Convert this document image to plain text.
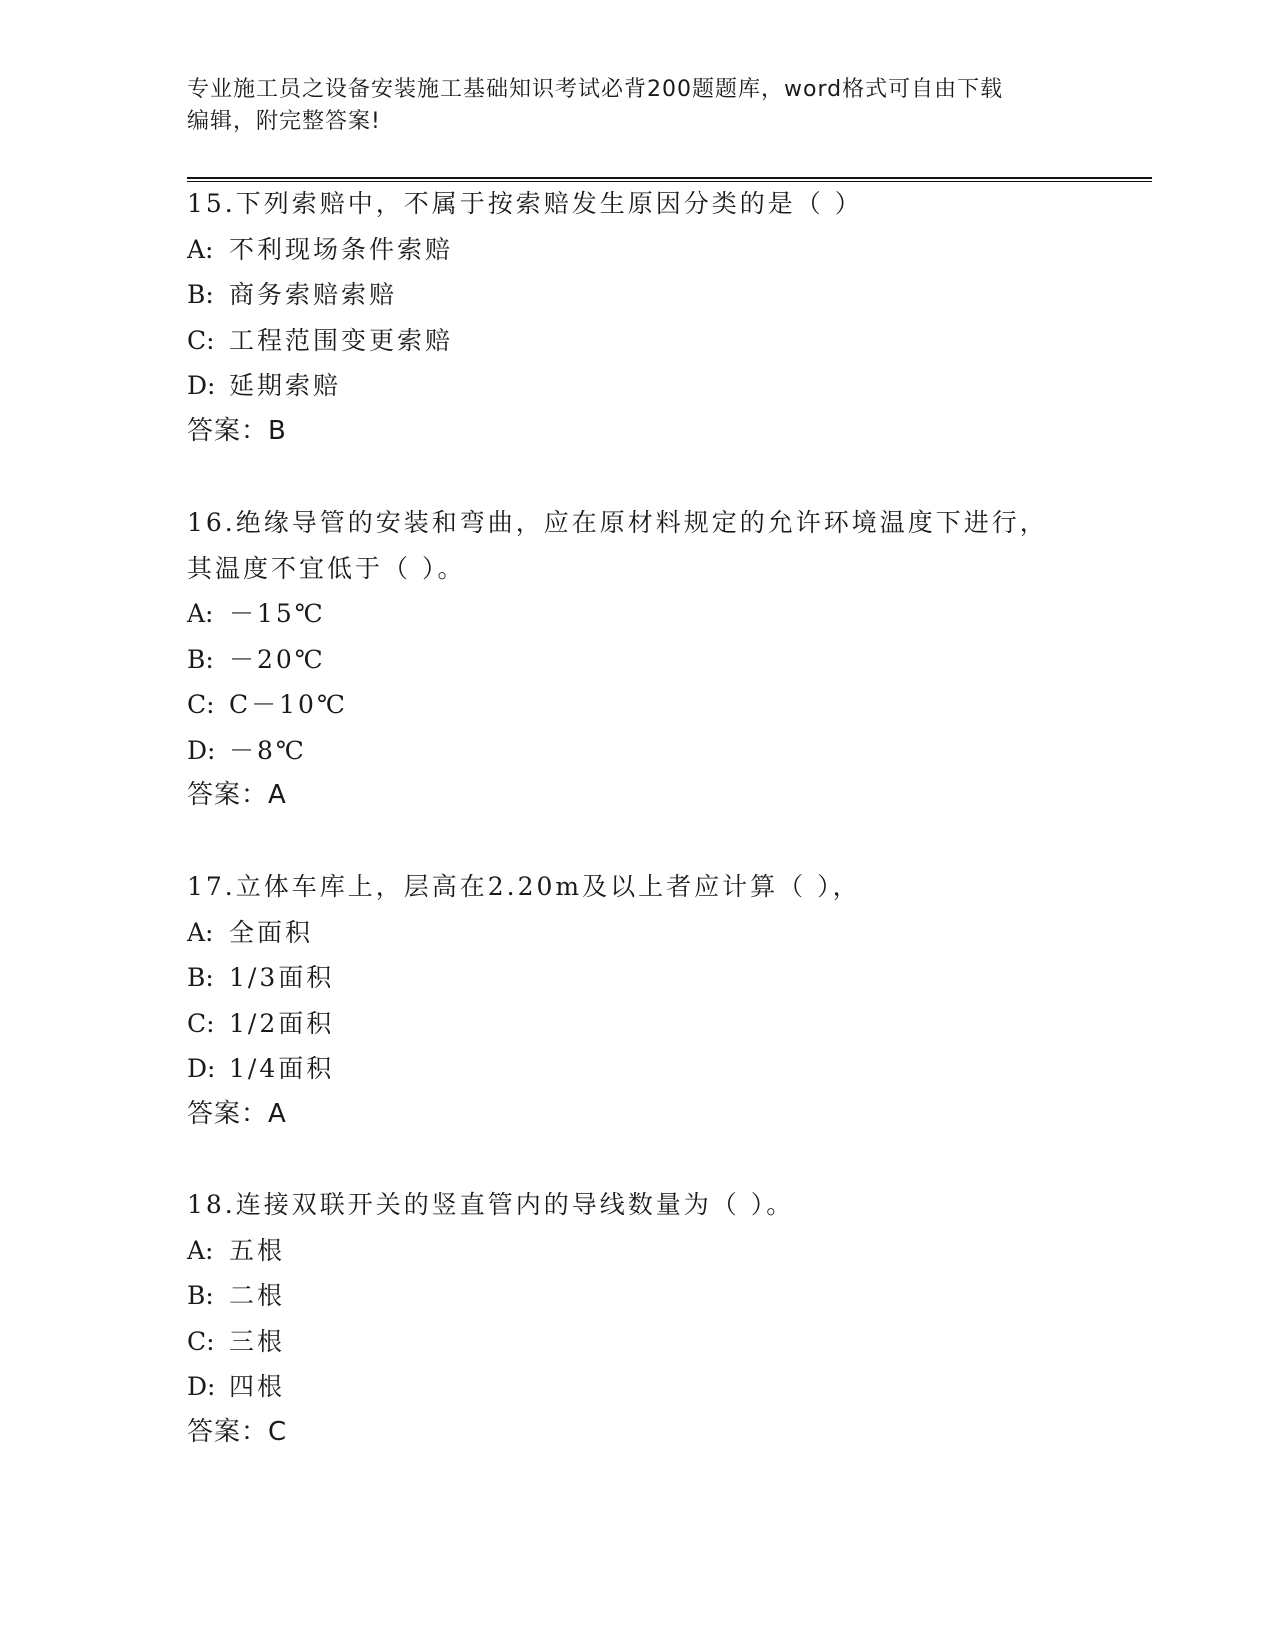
专业施工员之设备安装施工基础知识考试必背200题题库，word格式可自由下载
编辑，附完整答案!
15.下列索赔中，不属于按索赔发生原因分类的是（ ）
A: 不利现场条件索赔
B: 商务索赔索赔
C: 工程范围变更索赔
D: 延期索赔
答案：B
16.绝缘导管的安装和弯曲，应在原材料规定的允许环境温度下进行，
其温度不宜低于（ ）。
A: －15℃
B: －20℃
C: C－10℃
D: －8℃
答案：A
17.立体车库上，层高在2.20m及以上者应计算（ ），
A: 全面积
B: 1/3面积
C: 1/2面积
D: 1/4面积
答案：A
18.连接双联开关的竖直管内的导线数量为（ ）。
A: 五根
B: 二根
C: 三根
D: 四根
答案：C
